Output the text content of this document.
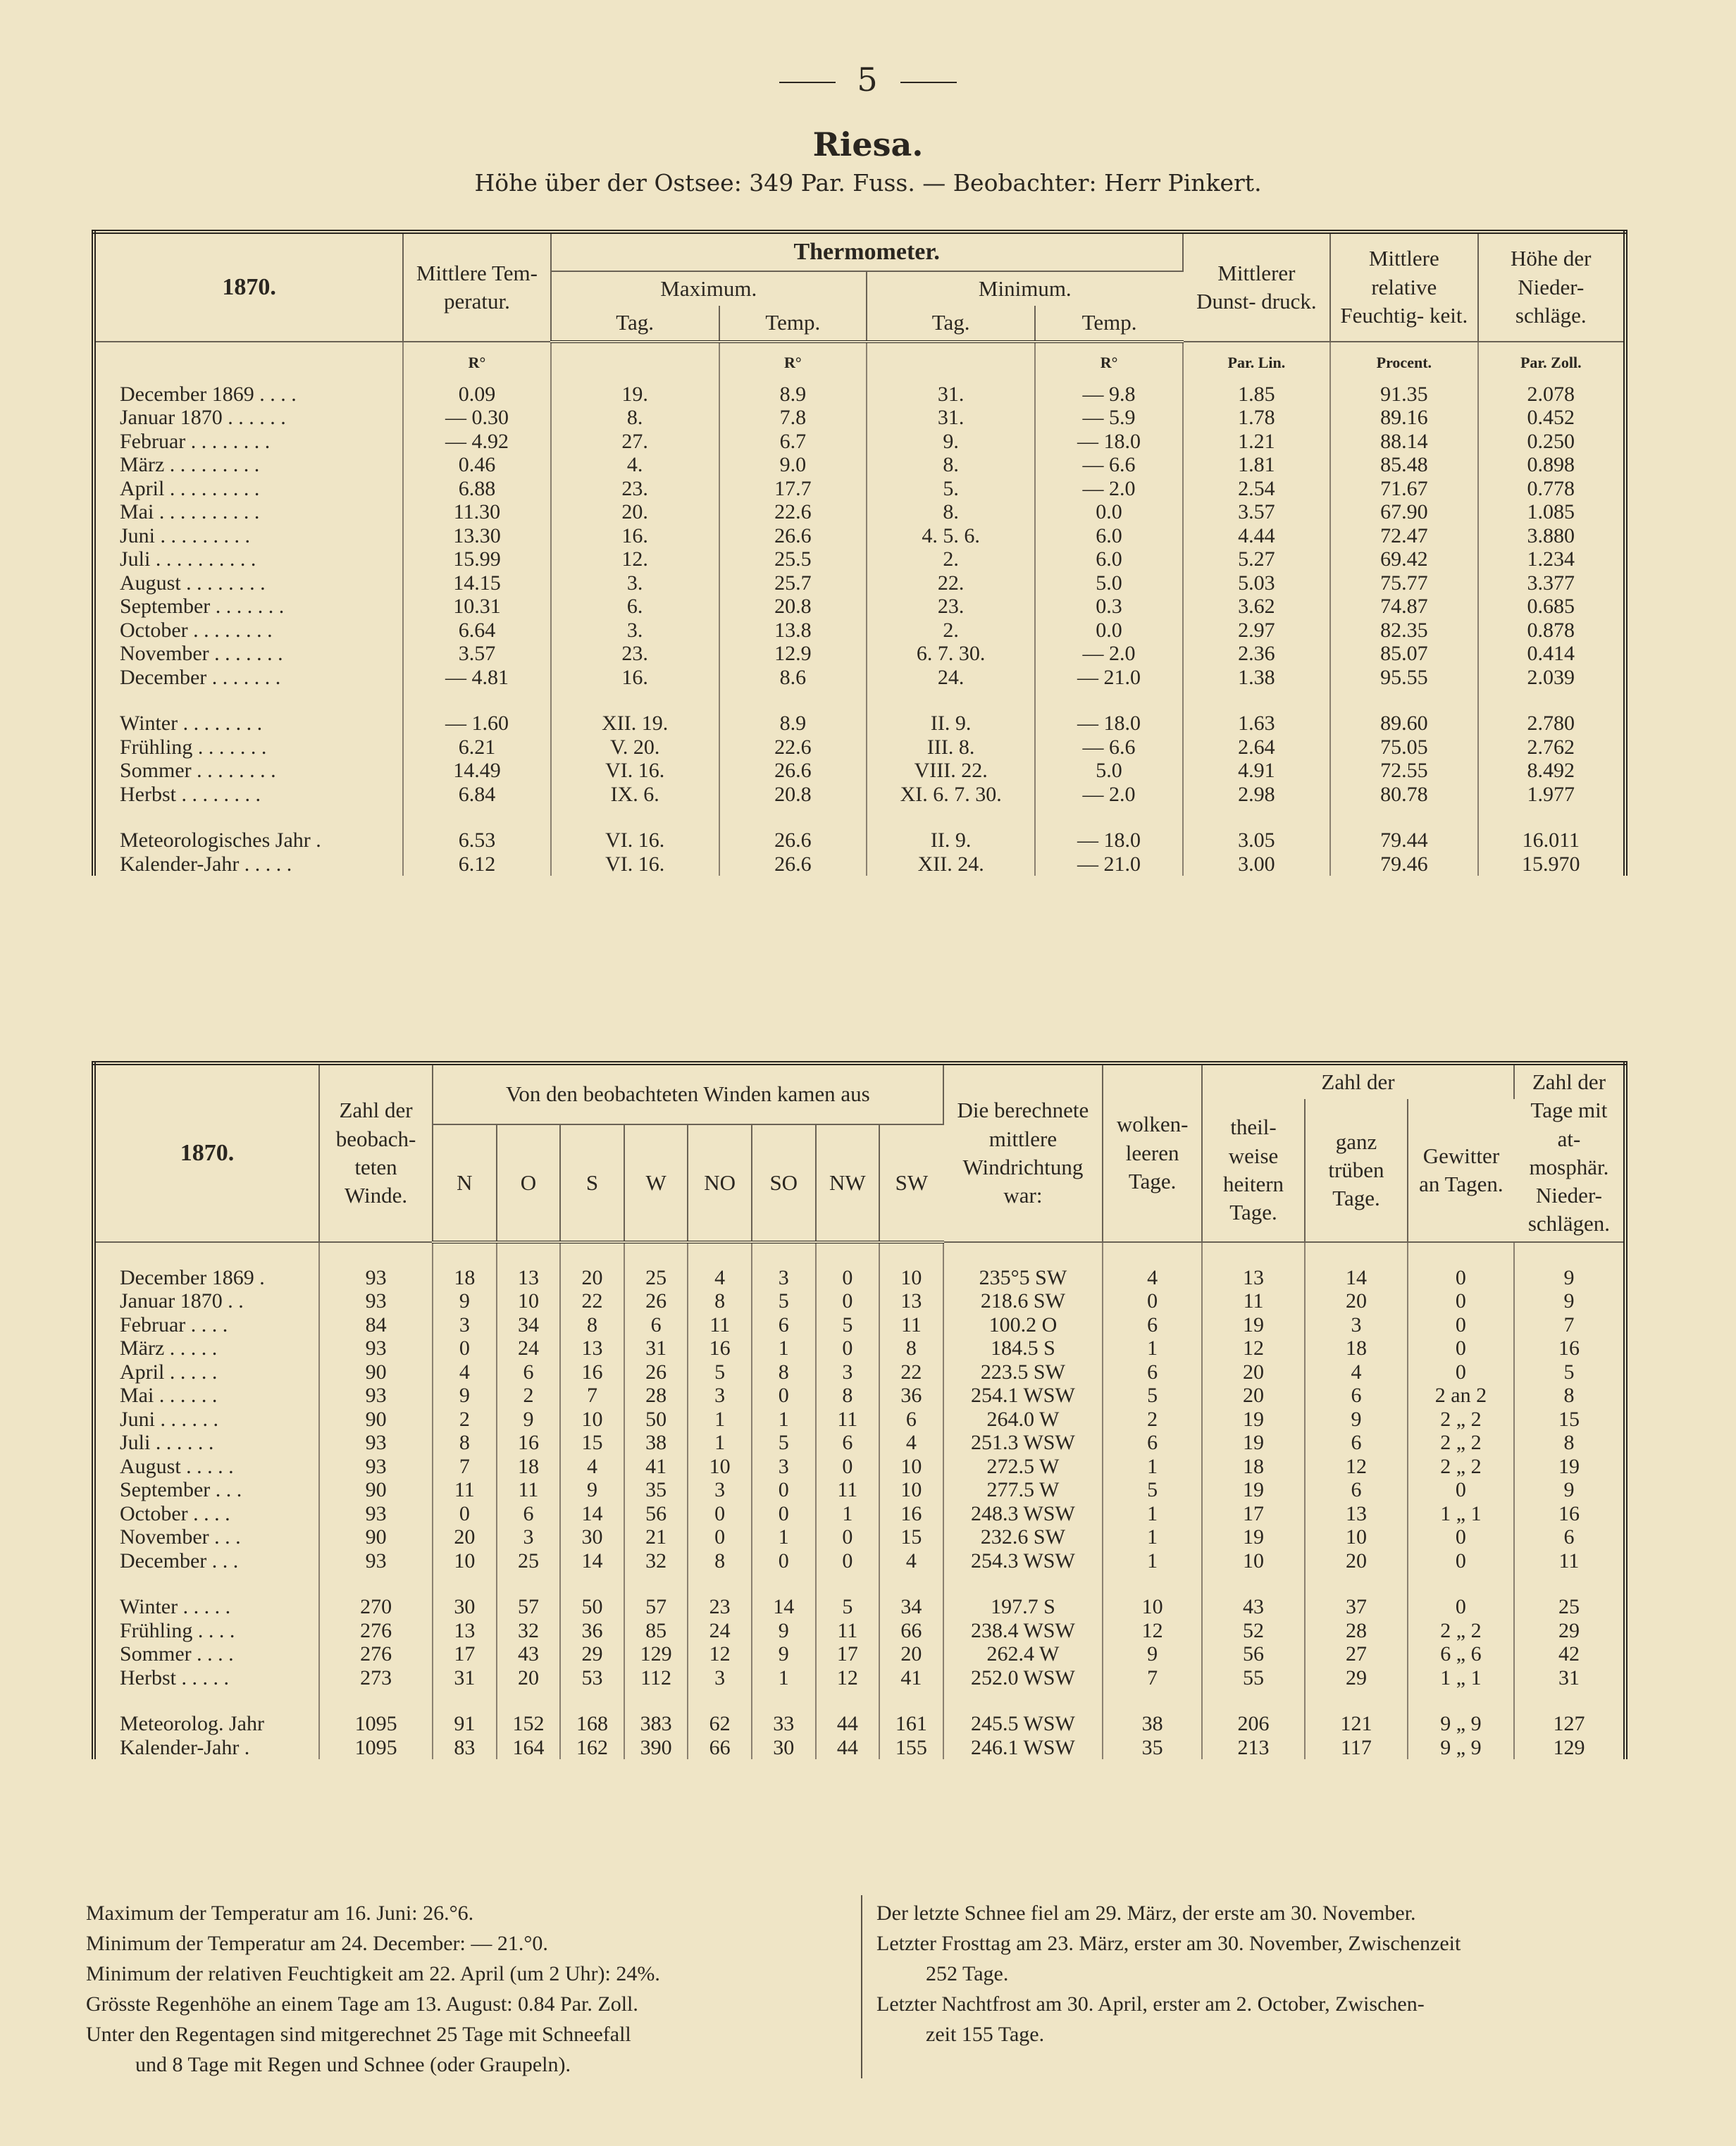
5
Riesa.
Höhe über der Ostsee: 349 Par. Fuss. — Beobachter: Herr Pinkert.
1870.	Mittlere Tem- peratur.	Thermometer.				Mittlerer Dunst- druck.	Mittlere relative Feuchtig- keit.	Höhe der Nieder- schläge.
		Maximum.		Minimum.				
		Tag.	Temp.	Tag.	Temp.			
	R°		R°		R°	Par. Lin.	Procent.	Par. Zoll.
December 1869 . . . .	0.09	19.	8.9	31.	— 9.8	1.85	91.35	2.078
Januar 1870 . . . . . .	— 0.30	8.	7.8	31.	— 5.9	1.78	89.16	0.452
Februar . . . . . . . .	— 4.92	27.	6.7	9.	— 18.0	1.21	88.14	0.250
März . . . . . . . . .	0.46	4.	9.0	8.	— 6.6	1.81	85.48	0.898
April . . . . . . . . .	6.88	23.	17.7	5.	— 2.0	2.54	71.67	0.778
Mai . . . . . . . . . .	11.30	20.	22.6	8.	0.0	3.57	67.90	1.085
Juni . . . . . . . . .	13.30	16.	26.6	4. 5. 6.	6.0	4.44	72.47	3.880
Juli . . . . . . . . . .	15.99	12.	25.5	2.	6.0	5.27	69.42	1.234
August . . . . . . . .	14.15	3.	25.7	22.	5.0	5.03	75.77	3.377
September . . . . . . .	10.31	6.	20.8	23.	0.3	3.62	74.87	0.685
October . . . . . . . .	6.64	3.	13.8	2.	0.0	2.97	82.35	0.878
November . . . . . . .	3.57	23.	12.9	6. 7. 30.	— 2.0	2.36	85.07	0.414
December . . . . . . .	— 4.81	16.	8.6	24.	— 21.0	1.38	95.55	2.039

Winter . . . . . . . .	— 1.60	XII. 19.	8.9	II. 9.	— 18.0	1.63	89.60	2.780
Frühling . . . . . . .	6.21	V. 20.	22.6	III. 8.	— 6.6	2.64	75.05	2.762
Sommer . . . . . . . .	14.49	VI. 16.	26.6	VIII. 22.	5.0	4.91	72.55	8.492
Herbst . . . . . . . .	6.84	IX. 6.	20.8	XI. 6. 7. 30.	— 2.0	2.98	80.78	1.977

Meteorologisches Jahr .	6.53	VI. 16.	26.6	II. 9.	— 18.0	3.05	79.44	16.011
Kalender-Jahr . . . . .	6.12	VI. 16.	26.6	XII. 24.	— 21.0	3.00	79.46	15.970
1870.	Zahl der beobach- teten Winde.	Von den beobachteten Winden kamen aus								Die berechnete mittlere Windrichtung war:	wolken- leeren Tage.	Zahl der			Zahl der Tage mit at- mosphär. Nieder- schlägen.
												theil- weise heitern Tage.	ganz trüben Tage.	Gewitter an Tagen.	
		N	O	S	W	NO	SO	NW	SW						

December 1869 .	93	18	13	20	25	4	3	0	10	235°5 SW	4	13	14	0	9
Januar 1870 . .	93	9	10	22	26	8	5	0	13	218.6 SW	0	11	20	0	9
Februar . . . .	84	3	34	8	6	11	6	5	11	100.2 O	6	19	3	0	7
März . . . . .	93	0	24	13	31	16	1	0	8	184.5 S	1	12	18	0	16
April . . . . .	90	4	6	16	26	5	8	3	22	223.5 SW	6	20	4	0	5
Mai . . . . . .	93	9	2	7	28	3	0	8	36	254.1 WSW	5	20	6	2 an 2	8
Juni . . . . . .	90	2	9	10	50	1	1	11	6	264.0 W	2	19	9	2 „ 2	15
Juli . . . . . .	93	8	16	15	38	1	5	6	4	251.3 WSW	6	19	6	2 „ 2	8
August . . . . .	93	7	18	4	41	10	3	0	10	272.5 W	1	18	12	2 „ 2	19
September . . .	90	11	11	9	35	3	0	11	10	277.5 W	5	19	6	0	9
October . . . .	93	0	6	14	56	0	0	1	16	248.3 WSW	1	17	13	1 „ 1	16
November . . .	90	20	3	30	21	0	1	0	15	232.6 SW	1	19	10	0	6
December . . .	93	10	25	14	32	8	0	0	4	254.3 WSW	1	10	20	0	11

Winter . . . . .	270	30	57	50	57	23	14	5	34	197.7 S	10	43	37	0	25
Frühling . . . .	276	13	32	36	85	24	9	11	66	238.4 WSW	12	52	28	2 „ 2	29
Sommer . . . .	276	17	43	29	129	12	9	17	20	262.4 W	9	56	27	6 „ 6	42
Herbst . . . . .	273	31	20	53	112	3	1	12	41	252.0 WSW	7	55	29	1 „ 1	31

Meteorolog. Jahr	1095	91	152	168	383	62	33	44	161	245.5 WSW	38	206	121	9 „ 9	127
Kalender-Jahr .	1095	83	164	162	390	66	30	44	155	246.1 WSW	35	213	117	9 „ 9	129
Maximum der Temperatur am 16. Juni: 26.°6.
Minimum der Temperatur am 24. December: — 21.°0.
Minimum der relativen Feuchtigkeit am 22. April (um 2 Uhr): 24%.
Grösste Regenhöhe an einem Tage am 13. August: 0.84 Par. Zoll.
Unter den Regentagen sind mitgerechnet 25 Tage mit Schneefall
und 8 Tage mit Regen und Schnee (oder Graupeln).
Der letzte Schnee fiel am 29. März, der erste am 30. November.
Letzter Frosttag am 23. März, erster am 30. November, Zwischenzeit
252 Tage.
Letzter Nachtfrost am 30. April, erster am 2. October, Zwischen-
zeit 155 Tage.
